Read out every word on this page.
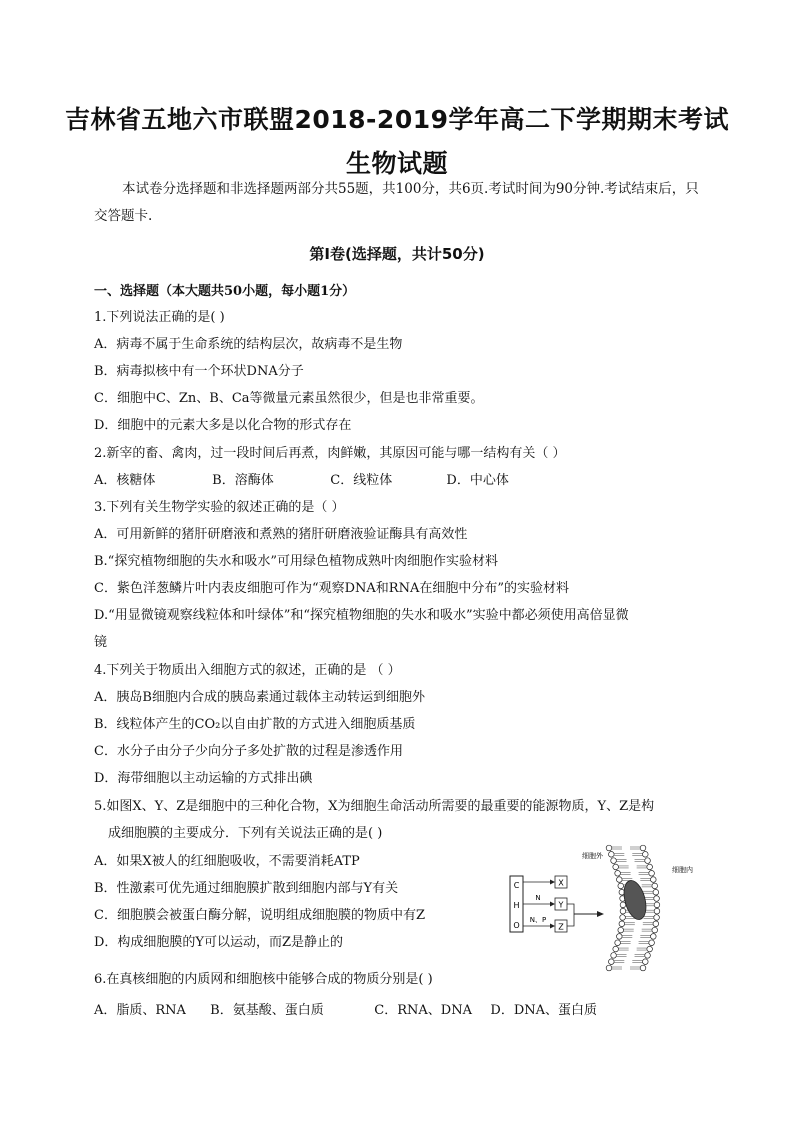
吉林省五地六市联盟2018-2019学年高二下学期期末考试
生物试题
本试卷分选择题和非选择题两部分共55题，共100分，共6页.考试时间为90分钟.考试结束后，只交答题卡.
第Ⅰ卷(选择题，共计50分)
一、选择题（本大题共50小题，每小题1分）
1.下列说法正确的是( )
A．病毒不属于生命系统的结构层次，故病毒不是生物
B．病毒拟核中有一个环状DNA分子
C．细胞中C、Zn、B、Ca等微量元素虽然很少，但是也非常重要。
D．细胞中的元素大多是以化合物的形式存在
2.新宰的畜、禽肉，过一段时间后再煮，肉鲜嫩，其原因可能与哪一结构有关（ ）
A．核糖体	B．溶酶体	C．线粒体	D．中心体
3.下列有关生物学实验的叙述正确的是（ ）
A．可用新鲜的猪肝研磨液和煮熟的猪肝研磨液验证酶具有高效性
B.“探究植物细胞的失水和吸水”可用绿色植物成熟叶肉细胞作实验材料
C．紫色洋葱鳞片叶内表皮细胞可作为“观察DNA和RNA在细胞中分布”的实验材料
D.“用显微镜观察线粒体和叶绿体”和“探究植物细胞的失水和吸水”实验中都必须使用高倍显微
镜
4.下列关于物质出入细胞方式的叙述，正确的是 （ ）
A．胰岛B细胞内合成的胰岛素通过载体主动转运到细胞外
B．线粒体产生的CO₂以自由扩散的方式进入细胞质基质
C．水分子由分子少向分子多处扩散的过程是渗透作用
D．海带细胞以主动运输的方式排出碘
5.如图X、Y、Z是细胞中的三种化合物，X为细胞生命活动所需要的最重要的能源物质，Y、Z是构
成细胞膜的主要成分．下列有关说法正确的是( )
A．如果X被人的红细胞吸收，不需要消耗ATP
B．性激素可优先通过细胞膜扩散到细胞内部与Y有关
C．细胞膜会被蛋白酶分解，说明组成细胞膜的物质中有Z
D．构成细胞膜的Y可以运动，而Z是静止的
C
H
O
X
N
Y
N、P
Z
细胞外
细胞内
6.在真核细胞的内质网和细胞核中能够合成的物质分别是( )
A．脂质、RNA B．氨基酸、蛋白质	C．RNA、DNA D．DNA、蛋白质
